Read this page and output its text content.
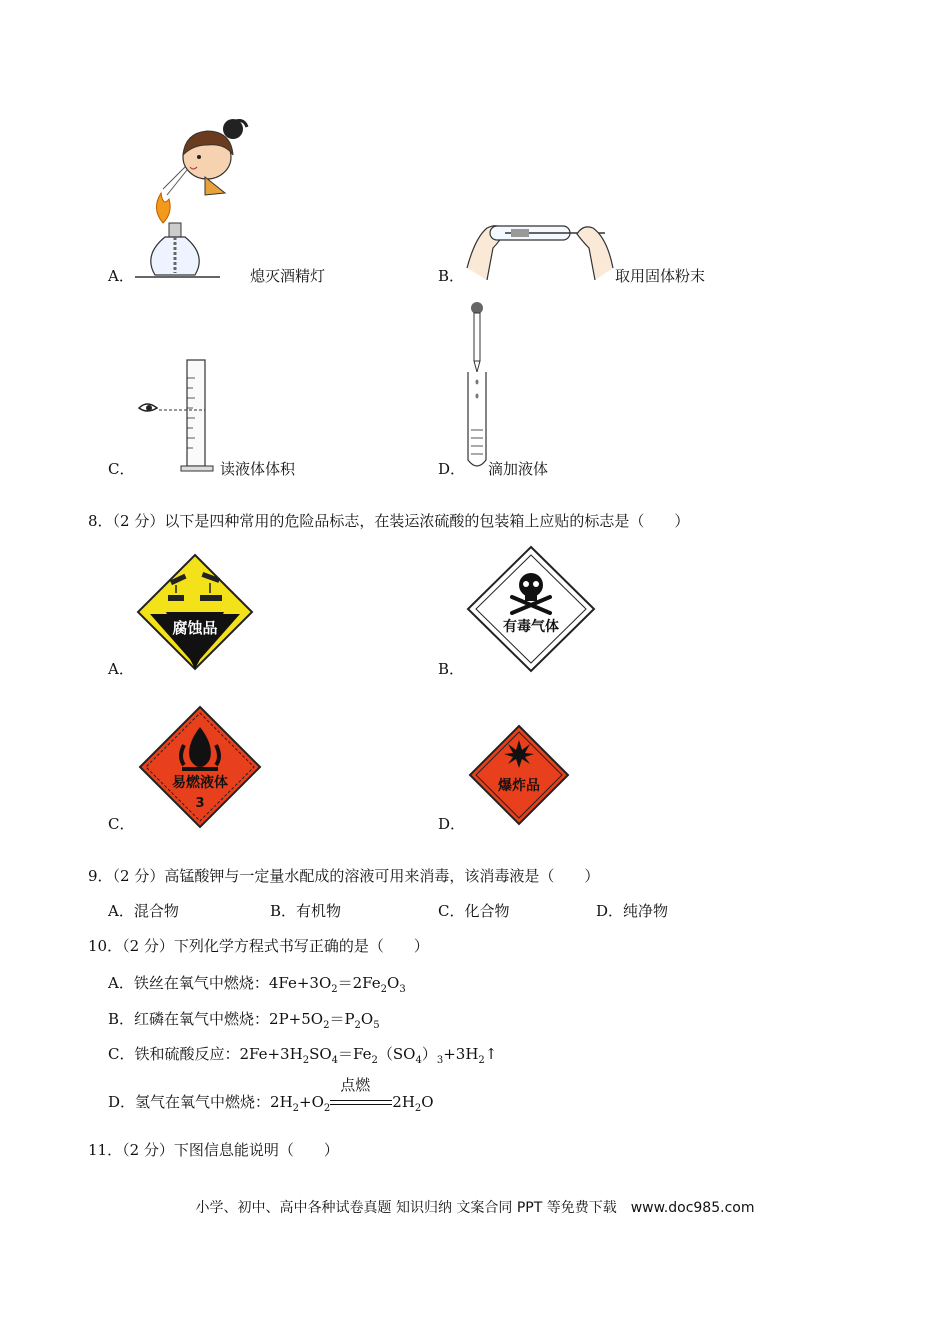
A．	熄灭酒精灯	B．	取用固体粉末
C．	读液体体积	D． 滴加液体
8．（2 分）以下是四种常用的危险品标志，在装运浓硫酸的包装箱上应贴的标志是（　　）
腐蚀品
A．
有毒气体
B．
易燃液体
3
C．
爆炸品
D．
9．（2 分）高锰酸钾与一定量水配成的溶液可用来消毒，该消毒液是（　　）
A．混合物	B．有机物	C．化合物	D．纯净物
10．（2 分）下列化学方程式书写正确的是（　　）
A．铁丝在氧气中燃烧：$4Fe+3O_2=2Fe_2O_3$
B．红磷在氧气中燃烧：$2P+5O_2=P_2O_5$
C．铁和硫酸反应：$2Fe+3H_2SO_4=Fe_2(SO_4)_3+3H_2↑$
D．氢气在氧气中燃烧：$2H_2+O_2$
点燃
$2H_2O$
11．（2 分）下图信息能说明（　　）
小学、初中、高中各种试卷真题 知识归纳 文案合同 PPT 等免费下载　www.doc985.com
